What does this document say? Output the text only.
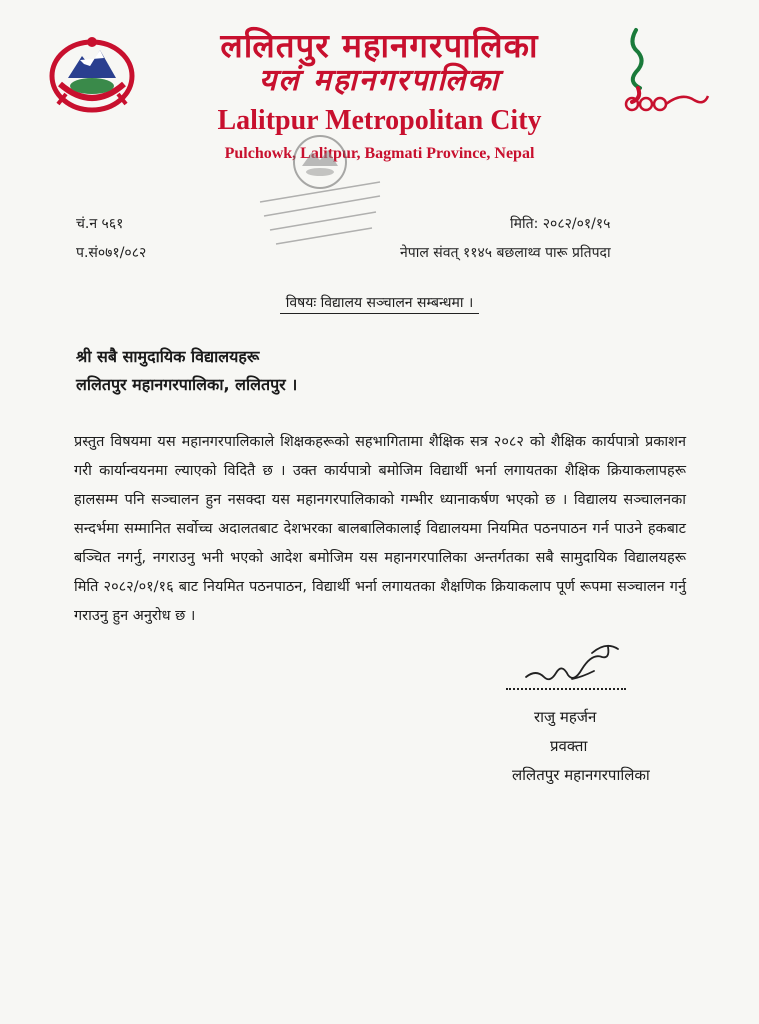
ललितपुर महानगरपालिका
यलं महानगरपालिका
Lalitpur Metropolitan City
Pulchowk, Lalitpur, Bagmati Province, Nepal
चं.न ५६१
प.सं०७१/०८२
मिति: २०८२/०१/१५
नेपाल संवत् ११४५ बछलाथ्व पारू प्रतिपदा
विषयः विद्यालय सञ्चालन सम्बन्धमा ।
श्री सबै सामुदायिक विद्यालयहरू
ललितपुर महानगरपालिका, ललितपुर ।
प्रस्तुत विषयमा यस महानगरपालिकाले शिक्षकहरूको सहभागितामा शैक्षिक सत्र २०८२ को शैक्षिक कार्यपात्रो प्रकाशन गरी कार्यान्वयनमा ल्याएको विदितै छ । उक्त कार्यपात्रो बमोजिम विद्यार्थी भर्ना लगायतका शैक्षिक क्रियाकलापहरू हालसम्म पनि सञ्चालन हुन नसक्दा यस महानगरपालिकाको गम्भीर ध्यानाकर्षण भएको छ । विद्यालय सञ्चालनका सन्दर्भमा सम्मानित सर्वोच्च अदालतबाट देशभरका बालबालिकालाई विद्यालयमा नियमित पठनपाठन गर्न पाउने हकबाट बञ्चित नगर्नु, नगराउनु भनी भएको आदेश बमोजिम यस महानगरपालिका अन्तर्गतका सबै सामुदायिक विद्यालयहरू मिति २०८२/०१/१६ बाट नियमित पठनपाठन, विद्यार्थी भर्ना लगायतका शैक्षणिक क्रियाकलाप पूर्ण रूपमा सञ्चालन गर्नु गराउनु हुन अनुरोध छ ।
राजु महर्जन
प्रवक्ता
ललितपुर महानगरपालिका
